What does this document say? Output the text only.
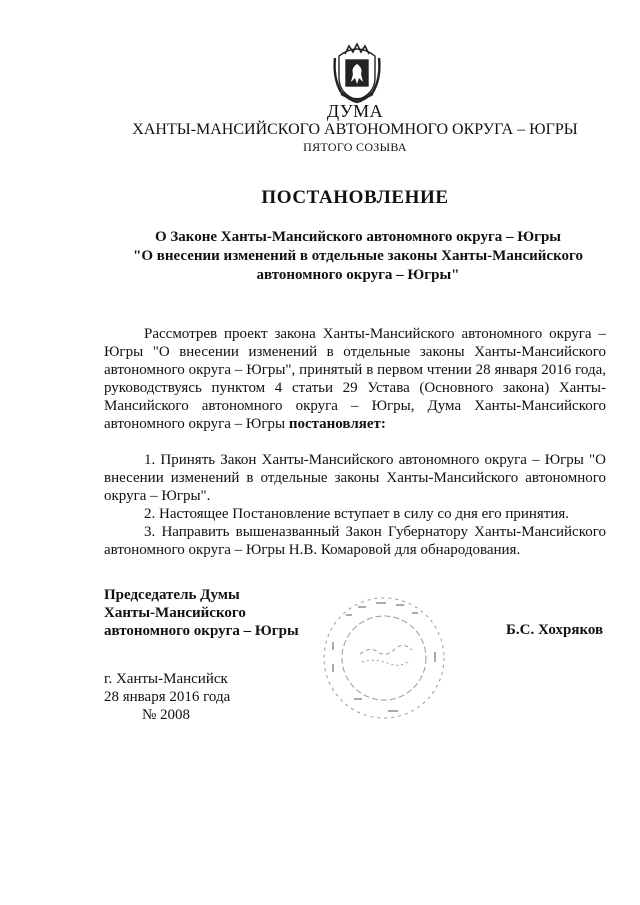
ДУМА
ХАНТЫ-МАНСИЙСКОГО АВТОНОМНОГО ОКРУГА – ЮГРЫ
ПЯТОГО СОЗЫВА
ПОСТАНОВЛЕНИЕ
О Законе Ханты-Мансийского автономного округа – Югры
"О внесении изменений в отдельные законы Ханты-Мансийского
автономного округа – Югры"

Рассмотрев проект закона Ханты-Мансийского автономного округа – Югры "О внесении изменений в отдельные законы Ханты-Мансийского автономного округа – Югры", принятый в первом чтении 28 января 2016 года, руководствуясь пунктом 4 статьи 29 Устава (Основного закона) Ханты-Мансийского автономного округа – Югры, Дума Ханты-Мансийского автономного округа – Югры постановляет:

1. Принять Закон Ханты-Мансийского автономного округа – Югры "О внесении изменений в отдельные законы Ханты-Мансийского автономного округа – Югры".

2. Настоящее Постановление вступает в силу со дня его принятия.

3. Направить вышеназванный Закон Губернатору Ханты-Мансийского автономного округа – Югры Н.В. Комаровой для обнародования.

Председатель Думы
Ханты-Мансийского
автономного округа – Югры	Б.С. Хохряков
г. Ханты-Мансийск
28 января 2016 года
№ 2008
